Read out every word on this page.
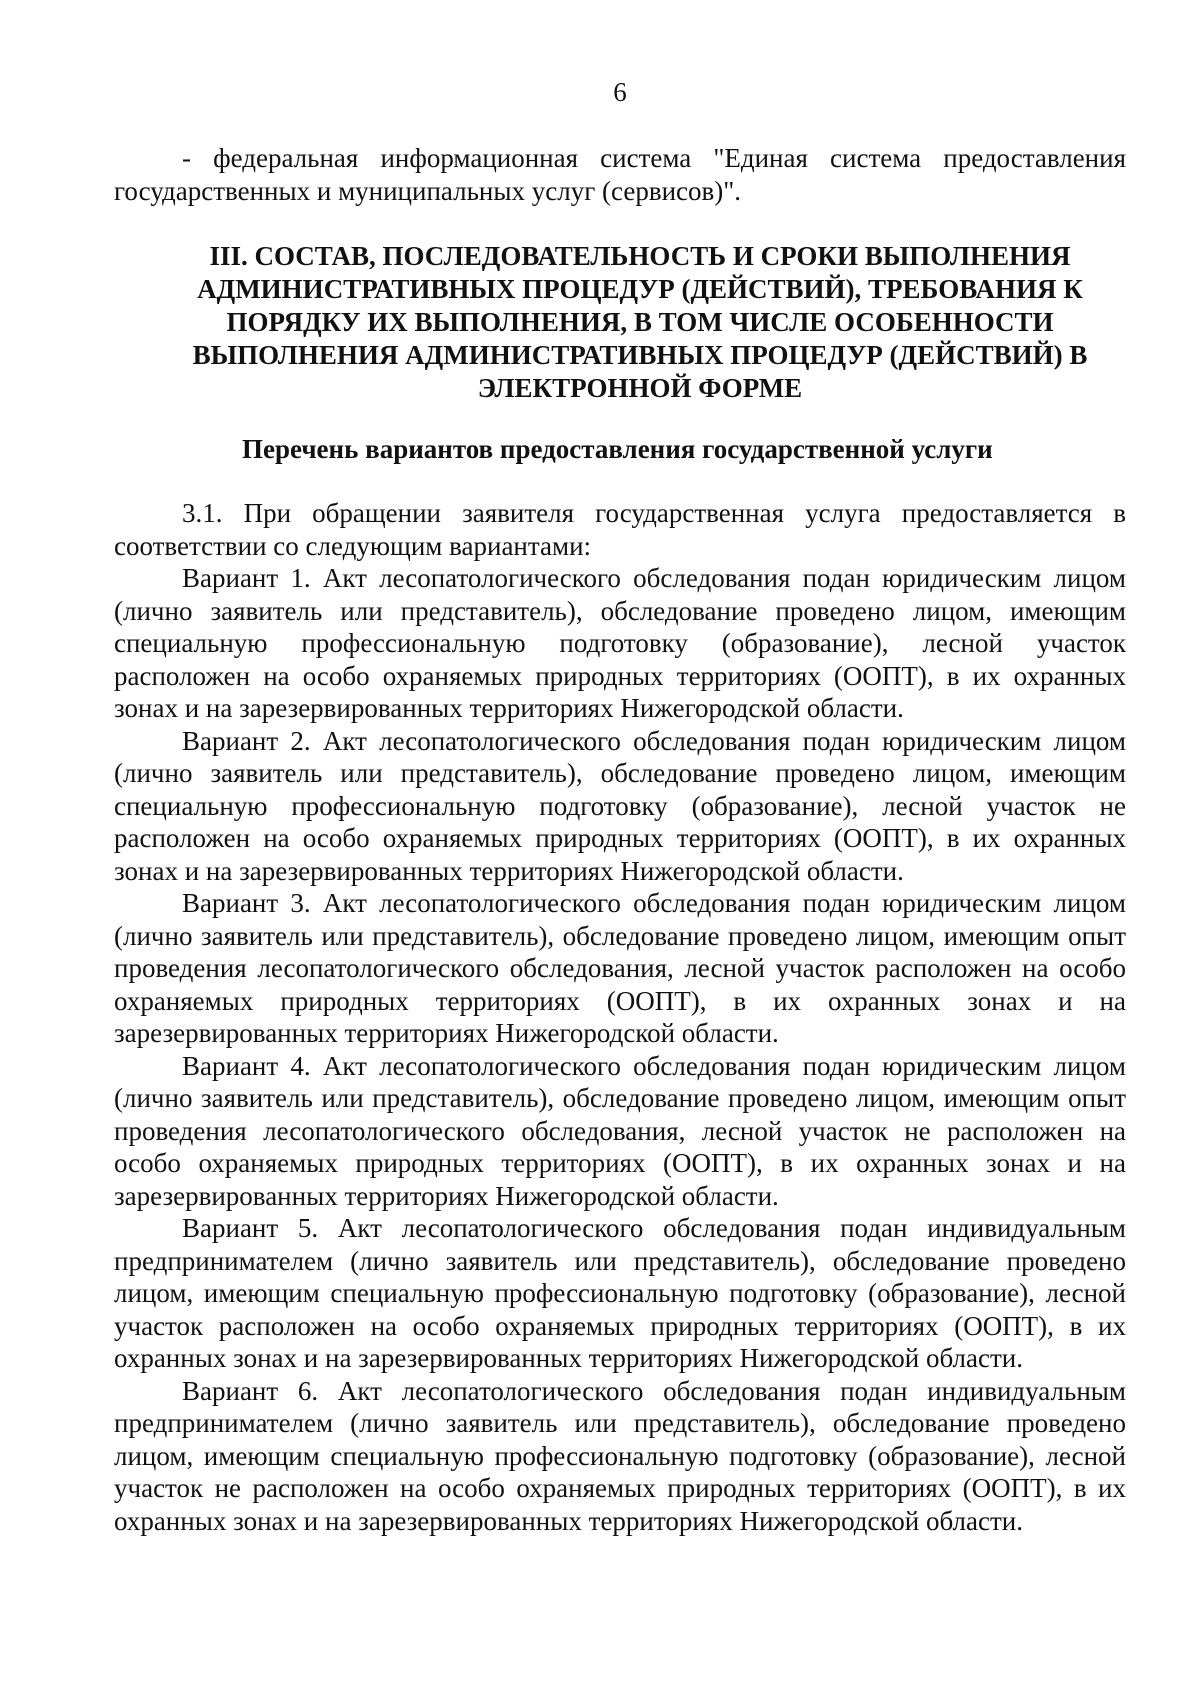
6

- федеральная информационная система "Единая система предоставления государственных и муниципальных услуг (сервисов)".

III. СОСТАВ, ПОСЛЕДОВАТЕЛЬНОСТЬ И СРОКИ ВЫПОЛНЕНИЯ АДМИНИСТРАТИВНЫХ ПРОЦЕДУР (ДЕЙСТВИЙ), ТРЕБОВАНИЯ К ПОРЯДКУ ИХ ВЫПОЛНЕНИЯ, В ТОМ ЧИСЛЕ ОСОБЕННОСТИ ВЫПОЛНЕНИЯ АДМИНИСТРАТИВНЫХ ПРОЦЕДУР (ДЕЙСТВИЙ) В ЭЛЕКТРОННОЙ ФОРМЕ
Перечень вариантов предоставления государственной услуги

3.1. При обращении заявителя государственная услуга предоставляется в соответствии со следующим вариантами:

Вариант 1. Акт лесопатологического обследования подан юридическим лицом (лично заявитель или представитель), обследование проведено лицом, имеющим специальную профессиональную подготовку (образование), лесной участок расположен на особо охраняемых природных территориях (ООПТ), в их охранных зонах и на зарезервированных территориях Нижегородской области.

Вариант 2. Акт лесопатологического обследования подан юридическим лицом (лично заявитель или представитель), обследование проведено лицом, имеющим специальную профессиональную подготовку (образование), лесной участок не расположен на особо охраняемых природных территориях (ООПТ), в их охранных зонах и на зарезервированных территориях Нижегородской области.

Вариант 3. Акт лесопатологического обследования подан юридическим лицом (лично заявитель или представитель), обследование проведено лицом, имеющим опыт проведения лесопатологического обследования, лесной участок расположен на особо охраняемых природных территориях (ООПТ), в их охранных зонах и на зарезервированных территориях Нижегородской области.

Вариант 4. Акт лесопатологического обследования подан юридическим лицом (лично заявитель или представитель), обследование проведено лицом, имеющим опыт проведения лесопатологического обследования, лесной участок не расположен на особо охраняемых природных территориях (ООПТ), в их охранных зонах и на зарезервированных территориях Нижегородской области.

Вариант 5. Акт лесопатологического обследования подан индивидуальным предпринимателем (лично заявитель или представитель), обследование проведено лицом, имеющим специальную профессиональную подготовку (образование), лесной участок расположен на особо охраняемых природных территориях (ООПТ), в их охранных зонах и на зарезервированных территориях Нижегородской области.

Вариант 6. Акт лесопатологического обследования подан индивидуальным предпринимателем (лично заявитель или представитель), обследование проведено лицом, имеющим специальную профессиональную подготовку (образование), лесной участок не расположен на особо охраняемых природных территориях (ООПТ), в их охранных зонах и на зарезервированных территориях Нижегородской области.
